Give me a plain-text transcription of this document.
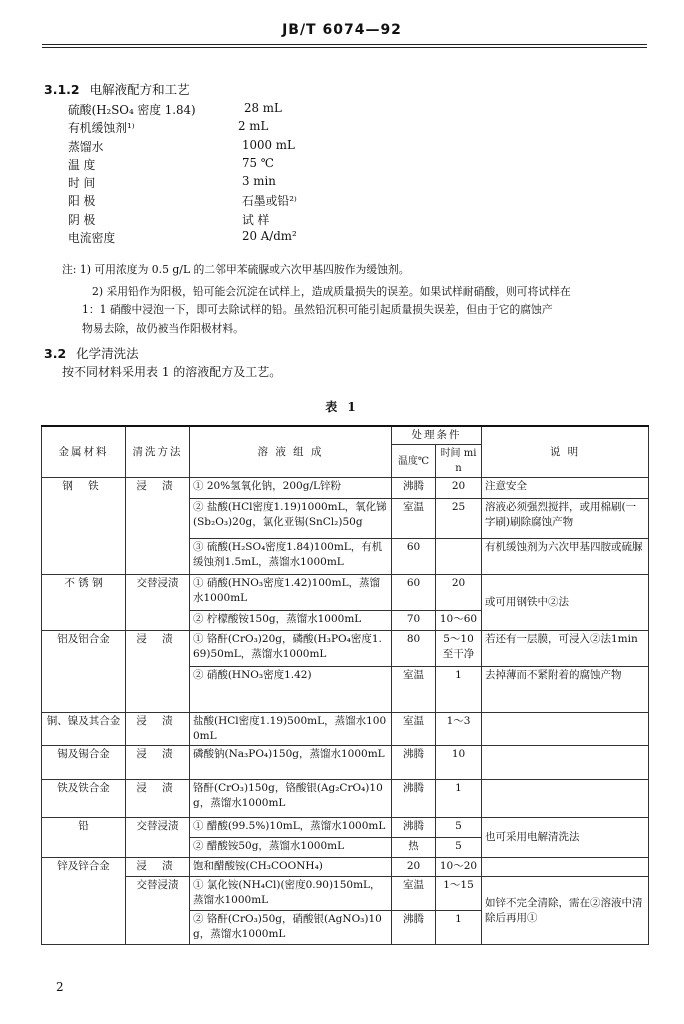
JB/T 6074—92
3.1.2 电解液配方和工艺
硫酸(H₂SO₄ 密度 1.84)	28 mL
有机缓蚀剂¹⁾	2 mL
蒸馏水	1000 mL
温 度	75 ℃
时 间	3 min
阳 极	石墨或铅²⁾
阴 极	试 样
电流密度	20 A/dm²
注: 1) 可用浓度为 0.5 g/L 的二邻甲苯硫脲或六次甲基四胺作为缓蚀剂。
2) 采用铅作为阳极，铅可能会沉淀在试样上，造成质量损失的误差。如果试样耐硝酸，则可将试样在
1：1 硝酸中浸泡一下，即可去除试样的铅。虽然铅沉积可能引起质量损失误差，但由于它的腐蚀产
物易去除，故仍被当作阳极材料。
3.2 化学清洗法
按不同材料采用表 1 的溶液配方及工艺。
表 1
金属材料	清洗方法	溶 液 组 成	处理条件		说 明
			温度℃	时间 min	
钢 铁	浸 渍	① 20%氢氧化钠，200g/L锌粉	沸腾	20	注意安全
		② 盐酸(HCl密度1.19)1000mL，氧化锑(Sb₂O₃)20g，氯化亚锡(SnCl₂)50g	室温	25	溶液必须强烈搅拌，或用棉刷(一字刷)刷除腐蚀产物
		③ 硫酸(H₂SO₄密度1.84)100mL，有机缓蚀剂1.5mL，蒸馏水1000mL	60		有机缓蚀剂为六次甲基四胺或硫脲
不 锈 钢	交替浸渍	① 硝酸(HNO₃密度1.42)100mL，蒸馏水1000mL	60	20	或可用钢铁中②法
		② 柠檬酸铵150g，蒸馏水1000mL	70	10～60	
铝及铝合金	浸 渍	① 铬酐(CrO₃)20g，磷酸(H₃PO₄密度1.69)50mL，蒸馏水1000mL	80	5～10至干净	若还有一层膜，可浸入②法1min
		② 硝酸(HNO₃密度1.42)	室温	1	去掉薄而不紧附着的腐蚀产物
铜、镍及其合金	浸 渍	盐酸(HCl密度1.19)500mL，蒸馏水1000mL	室温	1～3	
锡及锡合金	浸 渍	磷酸钠(Na₃PO₄)150g，蒸馏水1000mL	沸腾	10	
铁及铁合金	浸 渍	铬酐(CrO₃)150g，铬酸银(Ag₂CrO₄)10g，蒸馏水1000mL	沸腾	1	
铅	交替浸渍	① 醋酸(99.5%)10mL，蒸馏水1000mL	沸腾	5	也可采用电解清洗法
		② 醋酸铵50g，蒸馏水1000mL	热	5	
锌及锌合金	浸 渍	饱和醋酸铵(CH₃COONH₄)	20	10～20	
	交替浸渍	① 氯化铵(NH₄Cl)(密度0.90)150mL，蒸馏水1000mL	室温	1～15	如锌不完全清除，需在②溶液中清除后再用①
		② 铬酐(CrO₃)50g，硝酸银(AgNO₃)10g，蒸馏水1000mL	沸腾	1	
2
